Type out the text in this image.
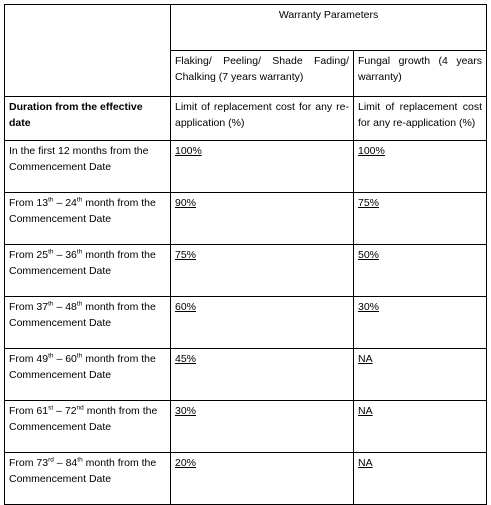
	Warranty Parameters	
	Flaking/ Peeling/ Shade Fading/ Chalking (7 years warranty)	Fungal growth (4 years warranty)
Duration from the effective date	Limit of replacement cost for any re-application (%)	Limit of replacement cost for any re-application (%)
In the first 12 months from the Commencement Date	100%	100%
From 13th – 24th month from the Commencement Date	90%	75%
From 25th – 36th month from the Commencement Date	75%	50%
From 37th – 48th month from the Commencement Date	60%	30%
From 49th – 60th month from the Commencement Date	45%	NA
From 61st – 72nd month from the Commencement Date	30%	NA
From 73rd – 84th month from the Commencement Date	20%	NA
